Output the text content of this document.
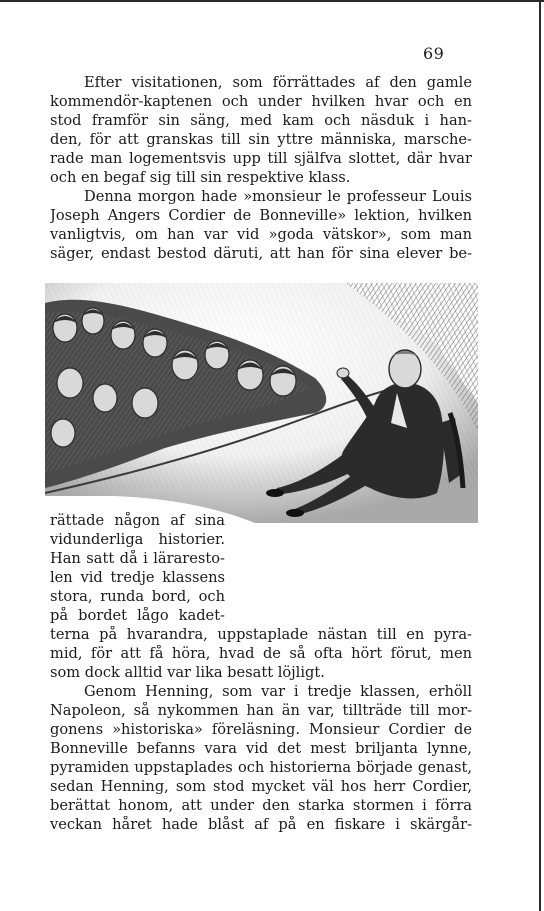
69
Efter visitationen, som förrättades af den gamle
kommendör-kaptenen och under hvilken hvar och en
stod framför sin säng, med kam och näsduk i han-
den, för att granskas till sin yttre människa, marsche-
rade man logementsvis upp till själfva slottet, där hvar
och en begaf sig till sin respektive klass.
Denna morgon hade »monsieur le professeur Louis
Joseph Angers Cordier de Bonneville» lektion, hvilken
vanligtvis, om han var vid »goda vätskor», som man
säger, endast bestod däruti, att han för sina elever be-
rättade någon af sina
vidunderliga historier.
Han satt då i lärarestо-
len vid tredje klassens
stora, runda bord, och
på bordet lågo kadet-
terna på hvarandra, uppstaplade nästan till en pyra-
mid, för att få höra, hvad de så ofta hört förut, men
som dock alltid var lika besatt löjligt.
Genom Henning, som var i tredje klassen, erhöll
Napoleon, så nykommen han än var, tillträde till mor-
gonens »historiska» föreläsning. Monsieur Cordier de
Bonneville befanns vara vid det mest briljanta lynne,
pyramiden uppstaplades och historierna började genast,
sedan Henning, som stod mycket väl hos herr Cordier,
berättat honom, att under den starka stormen i förra
veckan håret hade blåst af på en fiskare i skärgår-
